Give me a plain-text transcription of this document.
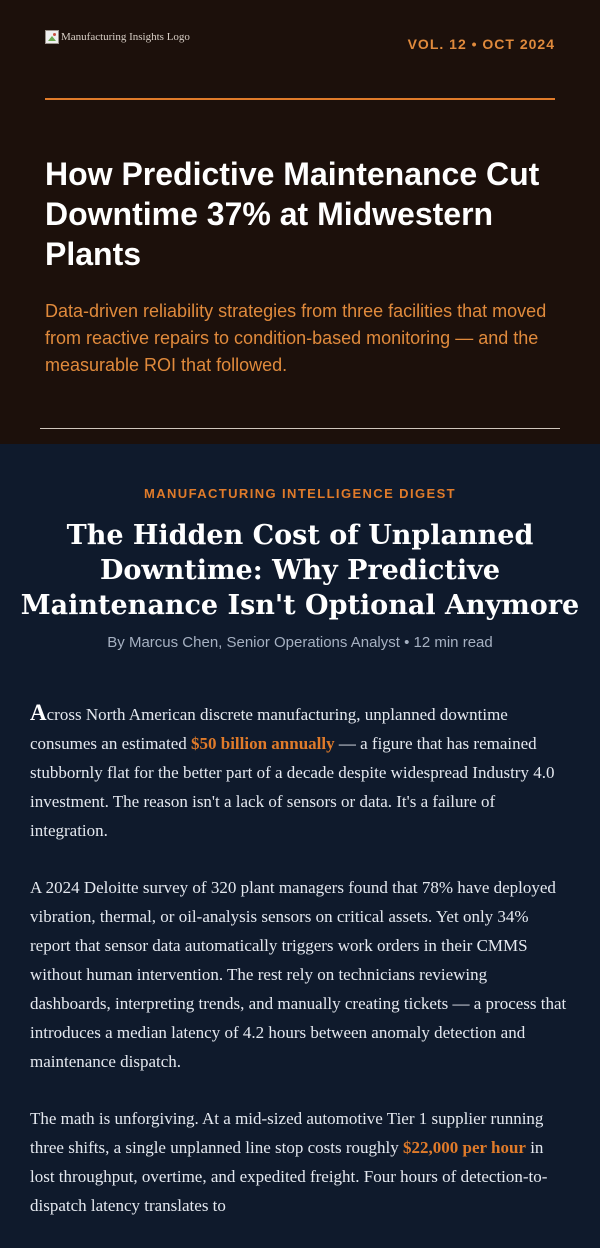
Manufacturing Insights Logo	VOL. 12 • OCT 2024
How Predictive Maintenance Cut Downtime 37% at Midwestern Plants

Data-driven reliability strategies from three facilities that moved from reactive repairs to condition-based monitoring — and the measurable ROI that followed.

MANUFACTURING INTELLIGENCE DIGEST
The Hidden Cost of Unplanned Downtime: Why Predictive Maintenance Isn't Optional Anymore
By Marcus Chen, Senior Operations Analyst • 12 min read

Across North American discrete manufacturing, unplanned downtime consumes an estimated $50 billion annually — a figure that has remained stubbornly flat for the better part of a decade despite widespread Industry 4.0 investment. The reason isn't a lack of sensors or data. It's a failure of integration.

A 2024 Deloitte survey of 320 plant managers found that 78% have deployed vibration, thermal, or oil-analysis sensors on critical assets. Yet only 34% report that sensor data automatically triggers work orders in their CMMS without human intervention. The rest rely on technicians reviewing dashboards, interpreting trends, and manually creating tickets — a process that introduces a median latency of 4.2 hours between anomaly detection and maintenance dispatch.

The math is unforgiving. At a mid-sized automotive Tier 1 supplier running three shifts, a single unplanned line stop costs roughly $22,000 per hour in lost throughput, overtime, and expedited freight. Four hours of detection-to-dispatch latency translates to
